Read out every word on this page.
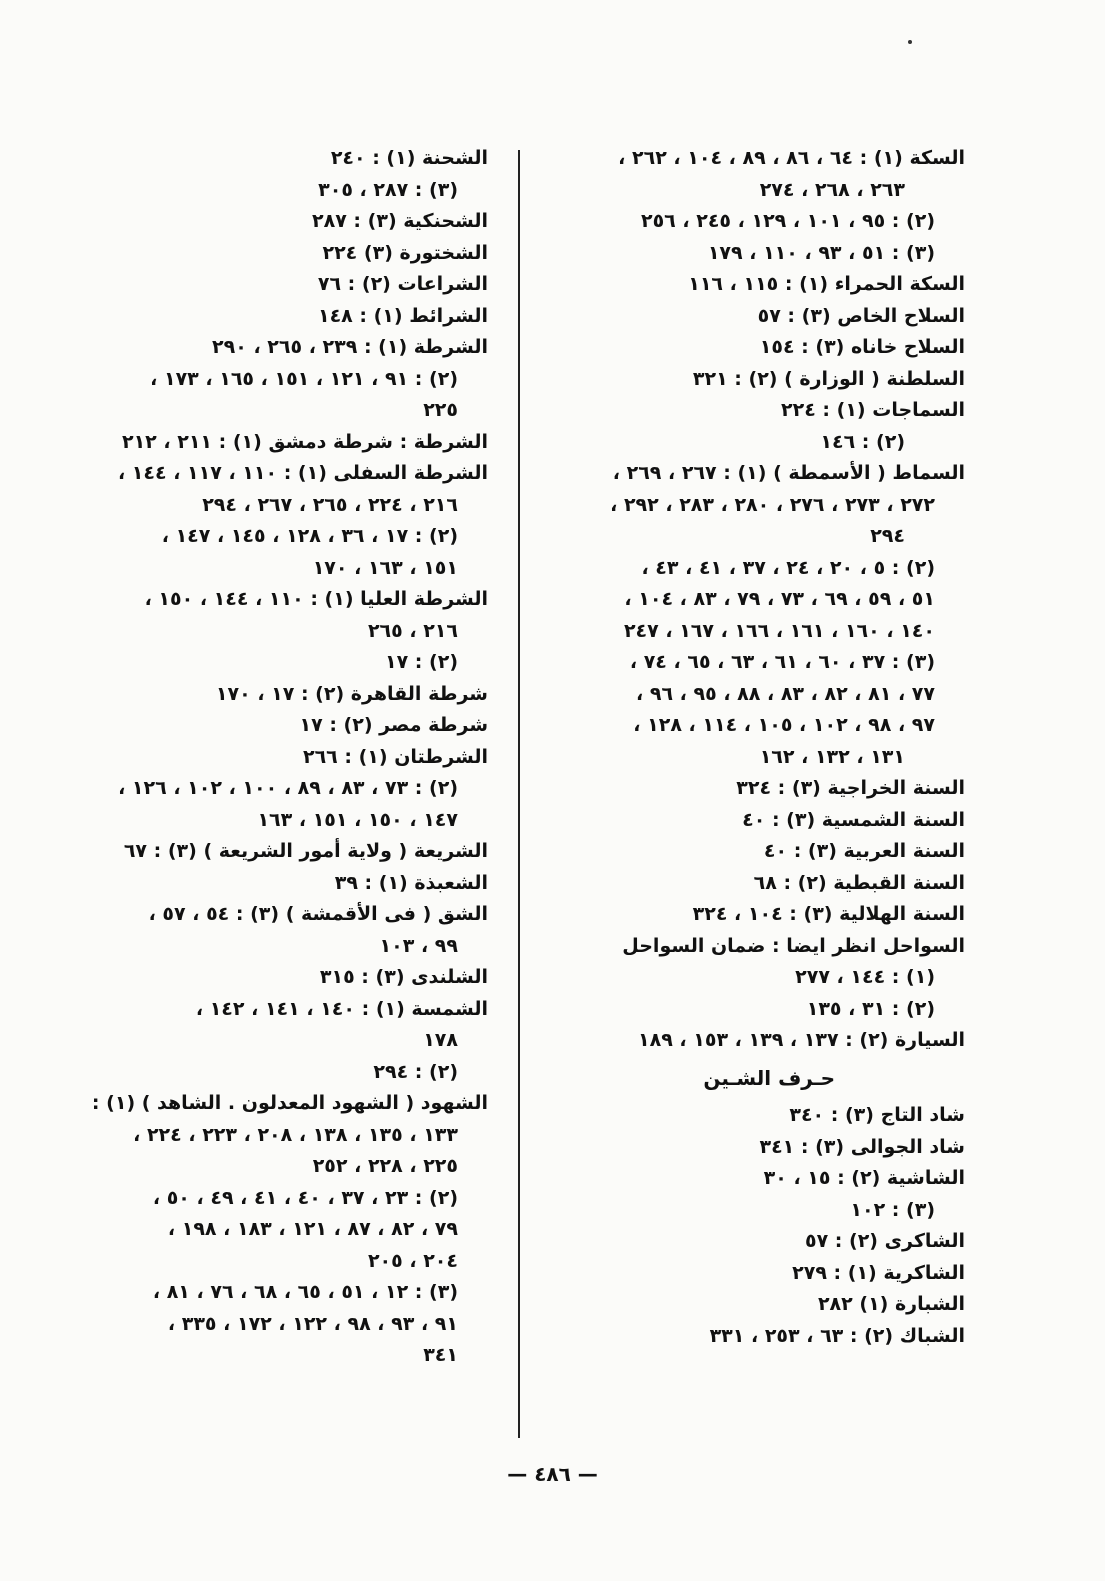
السكة (١) : ٦٤ ، ٨٦ ، ٨٩ ، ١٠٤ ، ٢٦٢ ،
٢٦٣ ، ٢٦٨ ، ٢٧٤
(٢) : ٩٥ ، ١٠١ ، ١٢٩ ، ٢٤٥ ، ٢٥٦
(٣) : ٥١ ، ٩٣ ، ١١٠ ، ١٧٩
السكة الحمراء (١) : ١١٥ ، ١١٦
السلاح الخاص (٣) : ٥٧
السلاح خاناه (٣) : ١٥٤
السلطنة ( الوزارة ) (٢) : ٣٢١
السماجات (١) : ٢٢٤
(٢) : ١٤٦
السماط ( الأسمطة ) (١) : ٢٦٧ ، ٢٦٩ ،
٢٧٢ ، ٢٧٣ ، ٢٧٦ ، ٢٨٠ ، ٢٨٣ ، ٢٩٢ ،
٢٩٤
(٢) : ٥ ، ٢٠ ، ٢٤ ، ٣٧ ، ٤١ ، ٤٣ ،
٥١ ، ٥٩ ، ٦٩ ، ٧٣ ، ٧٩ ، ٨٣ ، ١٠٤ ،
١٤٠ ، ١٦٠ ، ١٦١ ، ١٦٦ ، ١٦٧ ، ٢٤٧
(٣) : ٣٧ ، ٦٠ ، ٦١ ، ٦٣ ، ٦٥ ، ٧٤ ،
٧٧ ، ٨١ ، ٨٢ ، ٨٣ ، ٨٨ ، ٩٥ ، ٩٦ ،
٩٧ ، ٩٨ ، ١٠٢ ، ١٠٥ ، ١١٤ ، ١٢٨ ،
١٣١ ، ١٣٢ ، ١٦٢
السنة الخراجية (٣) : ٣٢٤
السنة الشمسية (٣) : ٤٠
السنة العربية (٣) : ٤٠
السنة القبطية (٢) : ٦٨
السنة الهلالية (٣) : ١٠٤ ، ٣٢٤
السواحل انظر ايضا : ضمان السواحل
(١) : ١٤٤ ، ٢٧٧
(٢) : ٣١ ، ١٣٥
السيارة (٢) : ١٣٧ ، ١٣٩ ، ١٥٣ ، ١٨٩
حـرف الشـين
شاد التاج (٣) : ٣٤٠
شاد الجوالى (٣) : ٣٤١
الشاشية (٢) : ١٥ ، ٣٠
(٣) : ١٠٢
الشاكرى (٢) : ٥٧
الشاكرية (١) : ٢٧٩
الشبارة (١) ٢٨٢
الشباك (٢) : ٦٣ ، ٢٥٣ ، ٣٣١
الشحنة (١) : ٢٤٠
(٣) : ٢٨٧ ، ٣٠٥
الشحنكية (٣) : ٢٨٧
الشختورة (٣) ٢٢٤
الشراعات (٢) : ٧٦
الشرائط (١) : ١٤٨
الشرطة (١) : ٢٣٩ ، ٢٦٥ ، ٢٩٠
(٢) : ٩١ ، ١٢١ ، ١٥١ ، ١٦٥ ، ١٧٣ ،
٢٢٥
الشرطة : شرطة دمشق (١) : ٢١١ ، ٢١٢
الشرطة السفلى (١) : ١١٠ ، ١١٧ ، ١٤٤ ،
٢١٦ ، ٢٢٤ ، ٢٦٥ ، ٢٦٧ ، ٢٩٤
(٢) : ١٧ ، ٣٦ ، ١٢٨ ، ١٤٥ ، ١٤٧ ،
١٥١ ، ١٦٣ ، ١٧٠
الشرطة العليا (١) : ١١٠ ، ١٤٤ ، ١٥٠ ،
٢١٦ ، ٢٦٥
(٢) : ١٧
شرطة القاهرة (٢) : ١٧ ، ١٧٠
شرطة مصر (٢) : ١٧
الشرطتان (١) : ٢٦٦
(٢) : ٧٣ ، ٨٣ ، ٨٩ ، ١٠٠ ، ١٠٢ ، ١٢٦ ،
١٤٧ ، ١٥٠ ، ١٥١ ، ١٦٣
الشريعة ( ولاية أمور الشريعة ) (٣) : ٦٧
الشعبذة (١) : ٣٩
الشق ( فى الأقمشة ) (٣) : ٥٤ ، ٥٧ ،
٩٩ ، ١٠٣
الشلندى (٣) : ٣١٥
الشمسة (١) : ١٤٠ ، ١٤١ ، ١٤٢ ،
١٧٨
(٢) : ٢٩٤
الشهود ( الشهود المعدلون . الشاهد ) (١) :
١٣٣ ، ١٣٥ ، ١٣٨ ، ٢٠٨ ، ٢٢٣ ، ٢٢٤ ،
٢٢٥ ، ٢٢٨ ، ٢٥٢
(٢) : ٢٣ ، ٣٧ ، ٤٠ ، ٤١ ، ٤٩ ، ٥٠ ،
٧٩ ، ٨٢ ، ٨٧ ، ١٢١ ، ١٨٣ ، ١٩٨ ،
٢٠٤ ، ٢٠٥
(٣) : ١٢ ، ٥١ ، ٦٥ ، ٦٨ ، ٧٦ ، ٨١ ،
٩١ ، ٩٣ ، ٩٨ ، ١٢٢ ، ١٧٢ ، ٣٣٥ ،
٣٤١
— ٤٨٦ —
